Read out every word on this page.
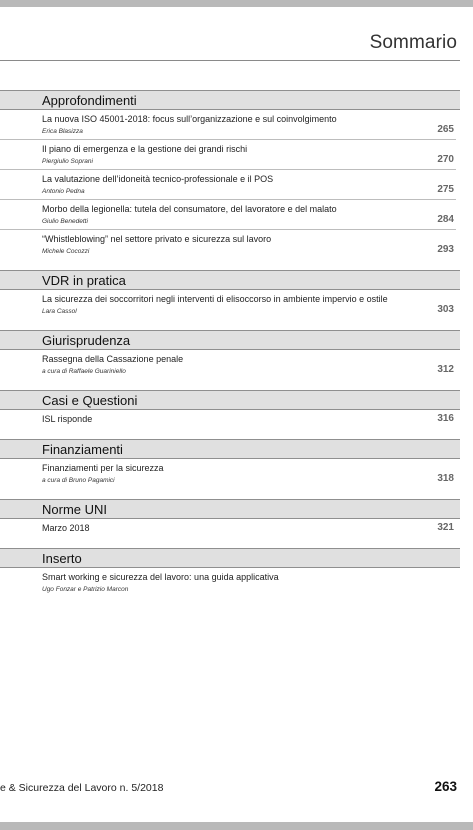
Sommario
Approfondimenti
La nuova ISO 45001-2018: focus sull’organizzazione e sul coinvolgimento
Erica Blasizza	265
Il piano di emergenza e la gestione dei grandi rischi
Piergiulio Soprani	270
La valutazione dell’idoneità tecnico-professionale e il POS
Antonio Pedna	275
Morbo della legionella: tutela del consumatore, del lavoratore e del malato
Giulio Benedetti	284
“Whistleblowing” nel settore privato e sicurezza sul lavoro
Michele Cocozzi	293
VDR in pratica
La sicurezza dei soccorritori negli interventi di elisoccorso in ambiente impervio e ostile
Lara Cassol	303
Giurisprudenza
Rassegna della Cassazione penale
a cura di Raffaele Guariniello	312
Casi e Questioni
ISL risponde	316
Finanziamenti
Finanziamenti per la sicurezza
a cura di Bruno Pagamici	318
Norme UNI
Marzo 2018	321
Inserto
Smart working e sicurezza del lavoro: una guida applicativa
Ugo Fonzar e Patrizio Marcon
e & Sicurezza del Lavoro n. 5/2018	263
